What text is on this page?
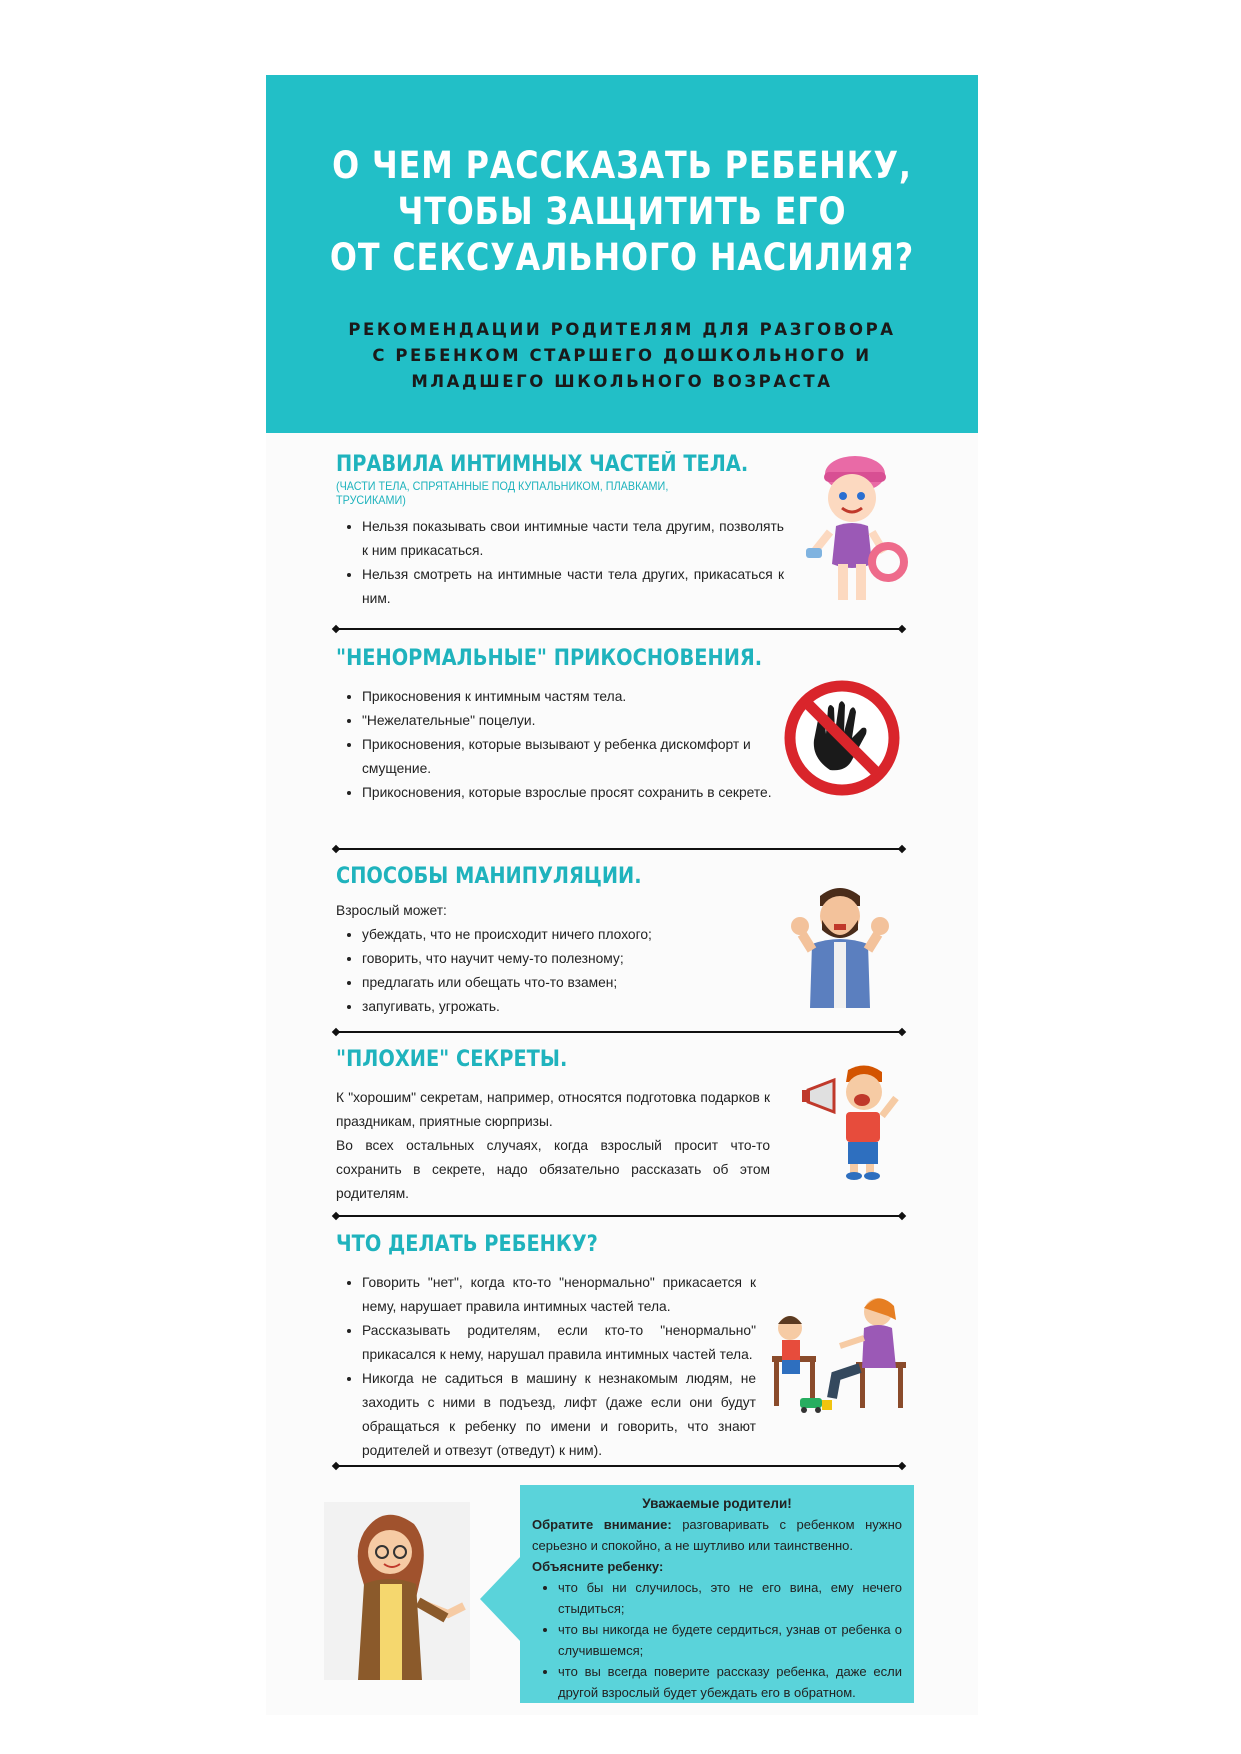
О ЧЕМ РАССКАЗАТЬ РЕБЕНКУ,
ЧТОБЫ ЗАЩИТИТЬ ЕГО
ОТ СЕКСУАЛЬНОГО НАСИЛИЯ?
РЕКОМЕНДАЦИИ РОДИТЕЛЯМ ДЛЯ РАЗГОВОРА
С РЕБЕНКОМ СТАРШЕГО ДОШКОЛЬНОГО И
МЛАДШЕГО ШКОЛЬНОГО ВОЗРАСТА
ПРАВИЛА ИНТИМНЫХ ЧАСТЕЙ ТЕЛА.

(ЧАСТИ ТЕЛА, СПРЯТАННЫЕ ПОД КУПАЛЬНИКОМ, ПЛАВКАМИ, ТРУСИКАМИ)

• Нельзя показывать свои интимные части тела другим, позволять к ним прикасаться.
• Нельзя смотреть на интимные части тела других, прикасаться к ним.
"НЕНОРМАЛЬНЫЕ" ПРИКОСНОВЕНИЯ.
• Прикосновения к интимным частям тела.
• "Нежелательные" поцелуи.
• Прикосновения, которые вызывают у ребенка дискомфорт и смущение.
• Прикосновения, которые взрослые просят сохранить в секрете.
СПОСОБЫ МАНИПУЛЯЦИИ.

Взрослый может:

• убеждать, что не происходит ничего плохого;
• говорить, что научит чему-то полезному;
• предлагать или обещать что-то взамен;
• запугивать, угрожать.
"ПЛОХИЕ" СЕКРЕТЫ.

К "хорошим" секретам, например, относятся подготовка подарков к праздникам, приятные сюрпризы.

Во всех остальных случаях, когда взрослый просит что-то сохранить в секрете, надо обязательно рассказать об этом родителям.

ЧТО ДЕЛАТЬ РЕБЕНКУ?
• Говорить "нет", когда кто-то "ненормально" прикасается к нему, нарушает правила интимных частей тела.
• Рассказывать родителям, если кто-то "ненормально" прикасался к нему, нарушал правила интимных частей тела.
• Никогда не садиться в машину к незнакомым людям, не заходить с ними в подъезд, лифт (даже если они будут обращаться к ребенку по имени и говорить, что знают родителей и отвезут (отведут) к ним).

Уважаемые родители!

Обратите внимание: разговаривать с ребенком нужно серьезно и спокойно, а не шутливо или таинственно.

Объясните ребенку:

• что бы ни случилось, это не его вина, ему нечего стыдиться;
• что вы никогда не будете сердиться, узнав от ребенка о случившемся;
• что вы всегда поверите рассказу ребенка, даже если другой взрослый будет убеждать его в обратном.
